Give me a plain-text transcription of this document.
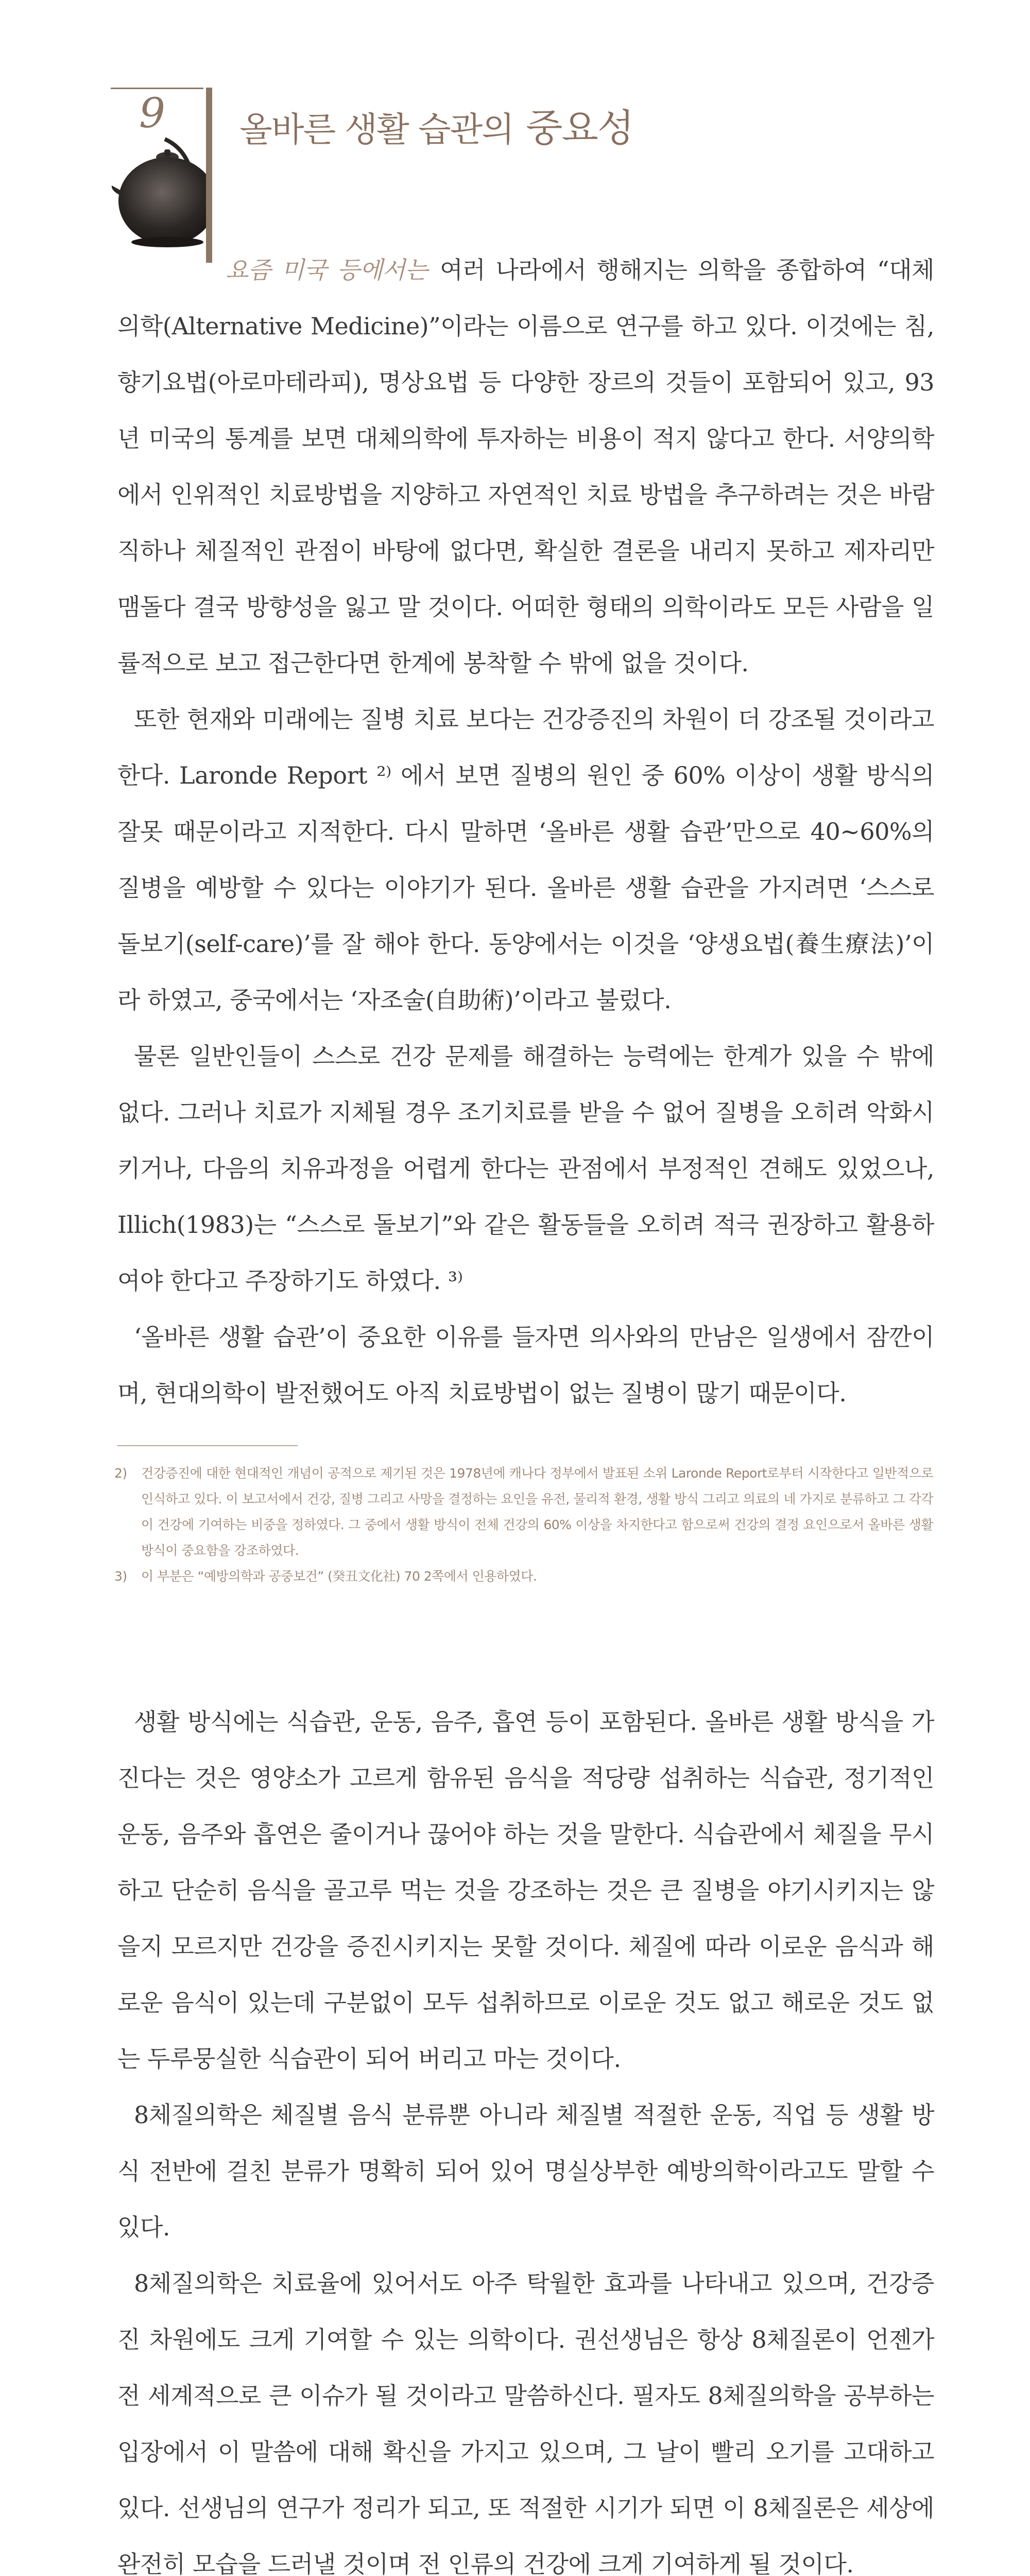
9 올바른 생활 습관의 중요성

요즘 미국 등에서는 여러 나라에서 행해지는 의학을 종합하여 “대체의학(Alternative Medicine)”이라는 이름으로 연구를 하고 있다. 이것에는 침, 향기요법(아로마테라피), 명상요법 등 다양한 장르의 것들이 포함되어 있고, 93년 미국의 통계를 보면 대체의학에 투자하는 비용이 적지 않다고 한다. 서양의학에서 인위적인 치료방법을 지양하고 자연적인 치료 방법을 추구하려는 것은 바람직하나 체질적인 관점이 바탕에 없다면, 확실한 결론을 내리지 못하고 제자리만 맴돌다 결국 방향성을 잃고 말 것이다. 어떠한 형태의 의학이라도 모든 사람을 일률적으로 보고 접근한다면 한계에 봉착할 수 밖에 없을 것이다.

또한 현재와 미래에는 질병 치료 보다는 건강증진의 차원이 더 강조될 것이라고 한다. Laronde Report ²⁾ 에서 보면 질병의 원인 중 60% 이상이 생활 방식의 잘못 때문이라고 지적한다. 다시 말하면 ‘올바른 생활 습관’만으로 40~60%의 질병을 예방할 수 있다는 이야기가 된다. 올바른 생활 습관을 가지려면 ‘스스로 돌보기(self-care)’를 잘 해야 한다. 동양에서는 이것을 ‘양생요법(養生療法)’이라 하였고, 중국에서는 ‘자조술(自助術)’이라고 불렀다.

물론 일반인들이 스스로 건강 문제를 해결하는 능력에는 한계가 있을 수 밖에 없다. 그러나 치료가 지체될 경우 조기치료를 받을 수 없어 질병을 오히려 악화시키거나, 다음의 치유과정을 어렵게 한다는 관점에서 부정적인 견해도 있었으나, Illich(1983)는 “스스로 돌보기”와 같은 활동들을 오히려 적극 권장하고 활용하여야 한다고 주장하기도 하였다. ³⁾

‘올바른 생활 습관’이 중요한 이유를 들자면 의사와의 만남은 일생에서 잠깐이며, 현대의학이 발전했어도 아직 치료방법이 없는 질병이 많기 때문이다.

2) 건강증진에 대한 현대적인 개념이 공적으로 제기된 것은 1978년에 캐나다 정부에서 발표된 소위 Laronde Report로부터 시작한다고 일반적으로 인식하고 있다. 이 보고서에서 건강, 질병 그리고 사망을 결정하는 요인을 유전, 물리적 환경, 생활 방식 그리고 의료의 네 가지로 분류하고 그 각각이 건강에 기여하는 비중을 정하였다. 그 중에서 생활 방식이 전체 건강의 60% 이상을 차지한다고 함으로써 건강의 결정 요인으로서 올바른 생활 방식이 중요함을 강조하였다.
3) 이 부분은 “예방의학과 공중보건” (癸丑文化社) 70 2쪽에서 인용하였다.

생활 방식에는 식습관, 운동, 음주, 흡연 등이 포함된다. 올바른 생활 방식을 가진다는 것은 영양소가 고르게 함유된 음식을 적당량 섭취하는 식습관, 정기적인 운동, 음주와 흡연은 줄이거나 끊어야 하는 것을 말한다. 식습관에서 체질을 무시하고 단순히 음식을 골고루 먹는 것을 강조하는 것은 큰 질병을 야기시키지는 않을지 모르지만 건강을 증진시키지는 못할 것이다. 체질에 따라 이로운 음식과 해로운 음식이 있는데 구분없이 모두 섭취하므로 이로운 것도 없고 해로운 것도 없는 두루뭉실한 식습관이 되어 버리고 마는 것이다.

8체질의학은 체질별 음식 분류뿐 아니라 체질별 적절한 운동, 직업 등 생활 방식 전반에 걸친 분류가 명확히 되어 있어 명실상부한 예방의학이라고도 말할 수 있다.

8체질의학은 치료율에 있어서도 아주 탁월한 효과를 나타내고 있으며, 건강증진 차원에도 크게 기여할 수 있는 의학이다. 권선생님은 항상 8체질론이 언젠가 전 세계적으로 큰 이슈가 될 것이라고 말씀하신다. 필자도 8체질의학을 공부하는 입장에서 이 말씀에 대해 확신을 가지고 있으며, 그 날이 빨리 오기를 고대하고 있다. 선생님의 연구가 정리가 되고, 또 적절한 시기가 되면 이 8체질론은 세상에 완전히 모습을 드러낼 것이며 전 인류의 건강에 크게 기여하게 될 것이다.
